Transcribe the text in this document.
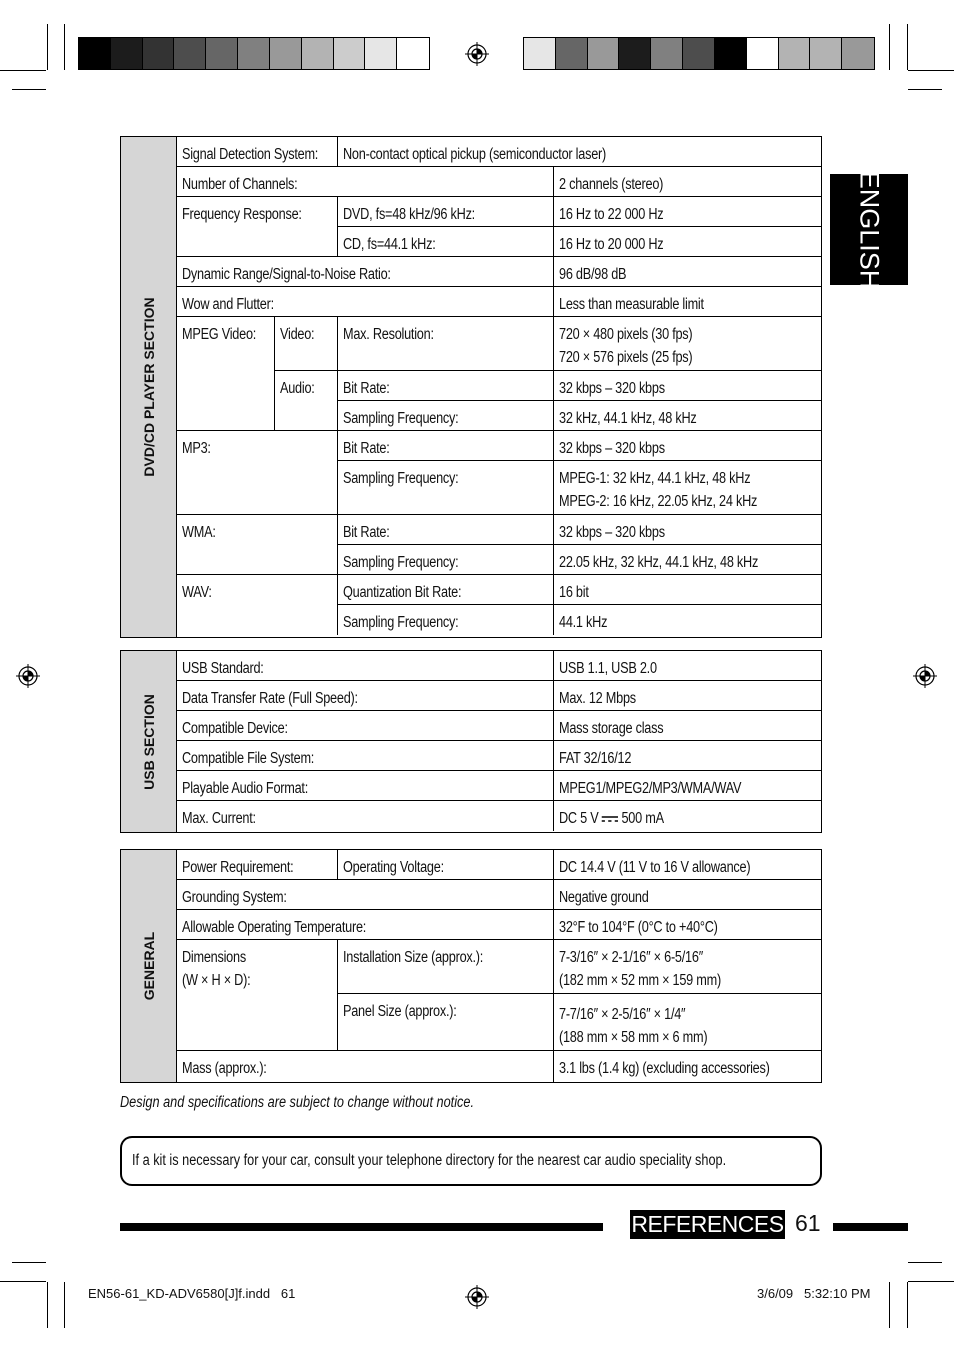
ENGLISH
DVD/CD PLAYER SECTION
Signal Detection System:	Non-contact optical pickup (semiconductor laser)
Number of Channels:	2 channels (stereo)
Frequency Response:	DVD, fs=48 kHz/96 kHz:	16 Hz to 22 000 Hz
CD, fs=44.1 kHz:	16 Hz to 20 000 Hz
Dynamic Range/Signal-to-Noise Ratio:	96 dB/98 dB
Wow and Flutter:	Less than measurable limit
MPEG Video:	Video:	Max. Resolution:	720 × 480 pixels (30 fps)
720 × 576 pixels (25 fps)
Audio:	Bit Rate:	32 kbps – 320 kbps
Sampling Frequency:	32 kHz, 44.1 kHz, 48 kHz
MP3:	Bit Rate:	32 kbps – 320 kbps
Sampling Frequency:	MPEG-1: 32 kHz, 44.1 kHz, 48 kHz
MPEG-2: 16 kHz, 22.05 kHz, 24 kHz
WMA:	Bit Rate:	32 kbps – 320 kbps
Sampling Frequency:	22.05 kHz, 32 kHz, 44.1 kHz, 48 kHz
WAV:	Quantization Bit Rate:	16 bit
Sampling Frequency:	44.1 kHz
USB SECTION
USB Standard:	USB 1.1, USB 2.0
Data Transfer Rate (Full Speed):	Max. 12 Mbps
Compatible Device:	Mass storage class
Compatible File System:	FAT 32/16/12
Playable Audio Format:	MPEG1/MPEG2/MP3/WMA/WAV
Max. Current:	DC 5 V 500 mA
GENERAL
Power Requirement:	Operating Voltage:	DC 14.4 V (11 V to 16 V allowance)
Grounding System:	Negative ground
Allowable Operating Temperature:	32°F to 104°F (0°C to +40°C)
Dimensions
(W × H × D):
Installation Size (approx.):	7-3/16″ × 2-1/16″ × 6-5/16″
(182 mm × 52 mm × 159 mm)
Panel Size (approx.):	7-7/16″ × 2-5/16″ × 1/4″
(188 mm × 58 mm × 6 mm)
Mass (approx.):	3.1 lbs (1.4 kg) (excluding accessories)
Design and specifications are subject to change without notice.
If a kit is necessary for your car, consult your telephone directory for the nearest car audio speciality shop.
REFERENCES 61
EN56-61_KD-ADV6580[J]f.indd   61	3/6/09   5:32:10 PM
